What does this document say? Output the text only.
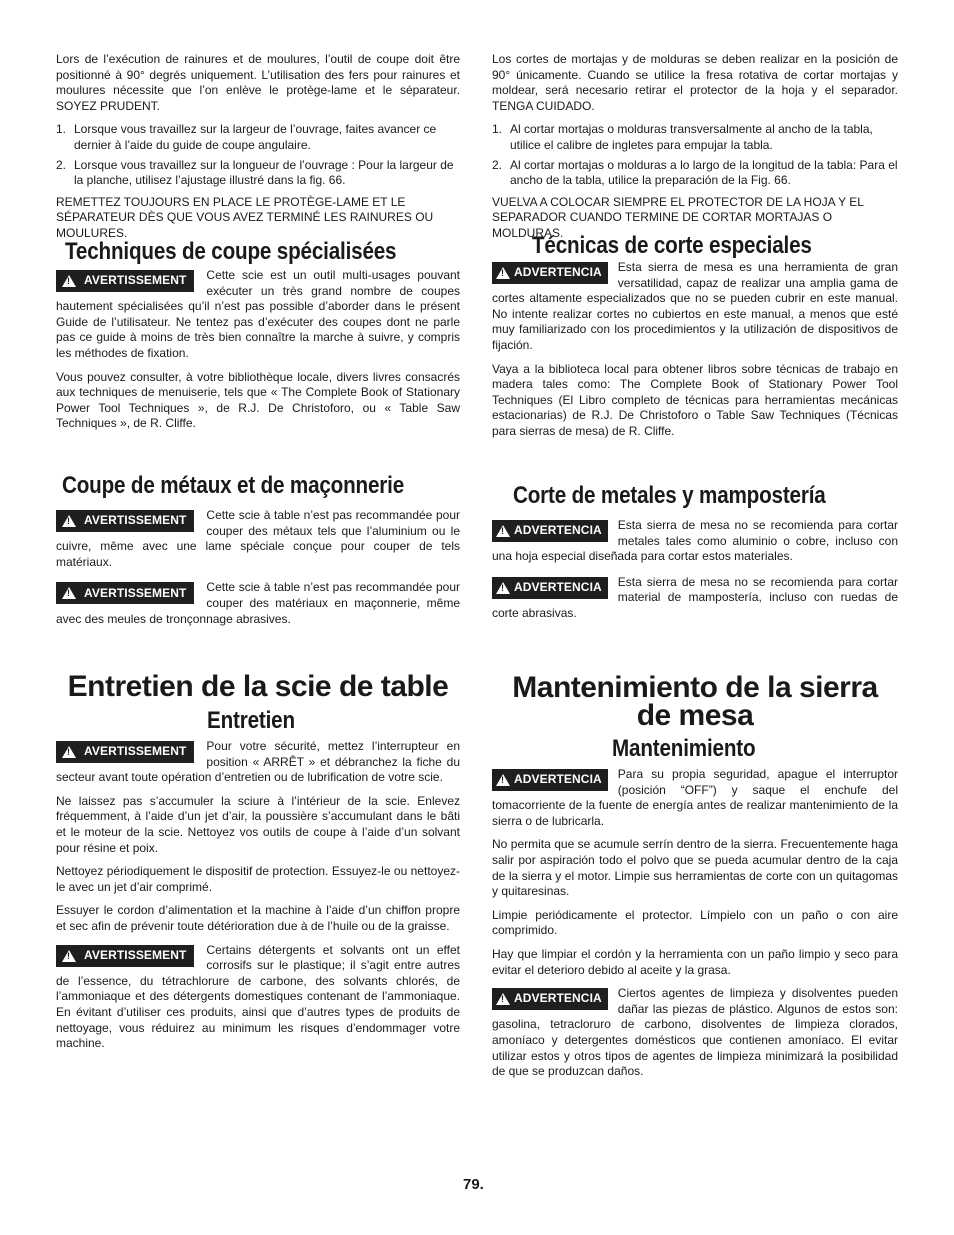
Lors de l’exécution de rainures et de moulures, l’outil de coupe doit être positionné à 90° degrés uniquement. L’utilisation des fers pour rainures et moulures nécessite que l’on enlève le protège-lame et le séparateur. SOYEZ PRUDENT.

1. Lorsque vous travaillez sur la largeur de l’ouvrage, faites avancer ce dernier à l’aide du guide de coupe angulaire.
2. Lorsque vous travaillez sur la longueur de l’ouvrage : Pour la largeur de la planche, utilisez l’ajustage illustré dans la fig. 66.

REMETTEZ TOUJOURS EN PLACE LE PROTÈGE-LAME ET LE SÉPARATEUR DÈS QUE VOUS AVEZ TERMINÉ LES RAINURES OU MOULURES.

Techniques de coupe spécialisées
!
AVERTISSEMENT	Cette scie est un outil multi-usages pouvant exécuter un très grand nombre de coupes hautement spécialisées qu’il n’est pas possible d’aborder dans le présent Guide de l’utilisateur. Ne tentez pas d’exécuter des coupes dont ne parle pas ce guide à moins de très bien connaître la marche à suivre, y compris les méthodes de fixation.

Vous pouvez consulter, à votre bibliothèque locale, divers livres consacrés aux techniques de menuiserie, tels que « The Complete Book of Stationary Power Tool Techniques », de R.J. De Christoforo, ou « Table Saw Techniques », de R. Cliffe.

Coupe de métaux et de maçonnerie
!
AVERTISSEMENT	Cette scie à table n’est pas recommandée pour couper des métaux tels que l’aluminium ou le cuivre, même avec une lame spéciale conçue pour couper de tels matériaux.

!
AVERTISSEMENT	Cette scie à table n’est pas recommandée pour couper des matériaux en maçonnerie, même avec des meules de tronçonnage abrasives.

Entretien de la scie de table
Entretien
!
AVERTISSEMENT	Pour votre sécurité, mettez l’interrupteur en position « ARRÊT » et débranchez la fiche du secteur avant toute opération d’entretien ou de lubrification de votre scie.

Ne laissez pas s’accumuler la sciure à l’intérieur de la scie. Enlevez fréquemment, à l’aide d’un jet d’air, la poussière s’accumulant dans le bâti et le moteur de la scie. Nettoyez vos outils de coupe à l’aide d’un solvant pour résine et poix.

Nettoyez périodiquement le dispositif de protection. Essuyez-le ou nettoyez-le avec un jet d’air comprimé.

Essuyer le cordon d’alimentation et la machine à l’aide d’un chiffon propre et sec afin de prévenir toute détérioration due à de l’huile ou de la graisse.

!
AVERTISSEMENT	Certains détergents et solvants ont un effet corrosifs sur le plastique; il s’agit entre autres de l’essence, du tétrachlorure de carbone, des solvants chlorés, de l’ammoniaque et des détergents domestiques contenant de l’ammoniaque. En évitant d’utiliser ces produits, ainsi que d’autres types de produits de nettoyage, vous réduirez au minimum les risques d’endommager votre machine.

Los cortes de mortajas y de molduras se deben realizar en la posición de 90° únicamente. Cuando se utilice la fresa rotativa de cortar mortajas y moldear, será necesario retirar el protector de la hoja y el separador. TENGA CUIDADO.

1. Al cortar mortajas o molduras transversalmente al ancho de la tabla, utilice el calibre de ingletes para empujar la tabla.
2. Al cortar mortajas o molduras a lo largo de la longitud de la tabla: Para el ancho de la tabla, utilice la preparación de la Fig. 66.

VUELVA A COLOCAR SIEMPRE EL PROTECTOR DE LA HOJA Y EL SEPARADOR CUANDO TERMINE DE CORTAR MORTAJAS O MOLDURAS.

Técnicas de corte especiales
!
ADVERTENCIA	Esta sierra de mesa es una herramienta de gran versatilidad, capaz de realizar una amplia gama de cortes altamente especializados que no se pueden cubrir en este manual. No intente realizar cortes no cubiertos en este manual, a menos que esté muy familiarizado con los procedimientos y la utilización de dispositivos de fijación.

Vaya a la biblioteca local para obtener libros sobre técnicas de trabajo en madera tales como: The Complete Book of Stationary Power Tool Techniques (El Libro completo de técnicas para herramientas mecánicas estacionarias) de R.J. De Christoforo o Table Saw Techniques (Técnicas para sierras de mesa) de R. Cliffe.

Corte de metales y mampostería
!
ADVERTENCIA	Esta sierra de mesa no se recomienda para cortar metales tales como aluminio o cobre, incluso con una hoja especial diseñada para cortar estos materiales.

!
ADVERTENCIA	Esta sierra de mesa no se recomienda para cortar material de mampostería, incluso con ruedas de corte abrasivas.

Mantenimiento de la sierra de mesa
Mantenimiento
!
ADVERTENCIA	Para su propia seguridad, apague el interruptor (posición “OFF”) y saque el enchufe del tomacorriente de la fuente de energía antes de realizar mantenimiento de la sierra o de lubricarla.

No permita que se acumule serrín dentro de la sierra. Frecuentemente haga salir por aspiración todo el polvo que se pueda acumular dentro de la caja de la sierra y el motor. Limpie sus herramientas de corte con un quitagomas y quitaresinas.

Limpie periódicamente el protector. Límpielo con un paño o con aire comprimido.

Hay que limpiar el cordón y la herramienta con un paño limpio y seco para evitar el deterioro debido al aceite y la grasa.

!
ADVERTENCIA	Ciertos agentes de limpieza y disolventes pueden dañar las piezas de plástico. Algunos de estos son: gasolina, tetracloruro de carbono, disolventes de limpieza clorados, amoníaco y detergentes domésticos que contienen amoníaco. El evitar utilizar estos y otros tipos de agentes de limpieza minimizará la posibilidad de que se produzcan daños.

79.
